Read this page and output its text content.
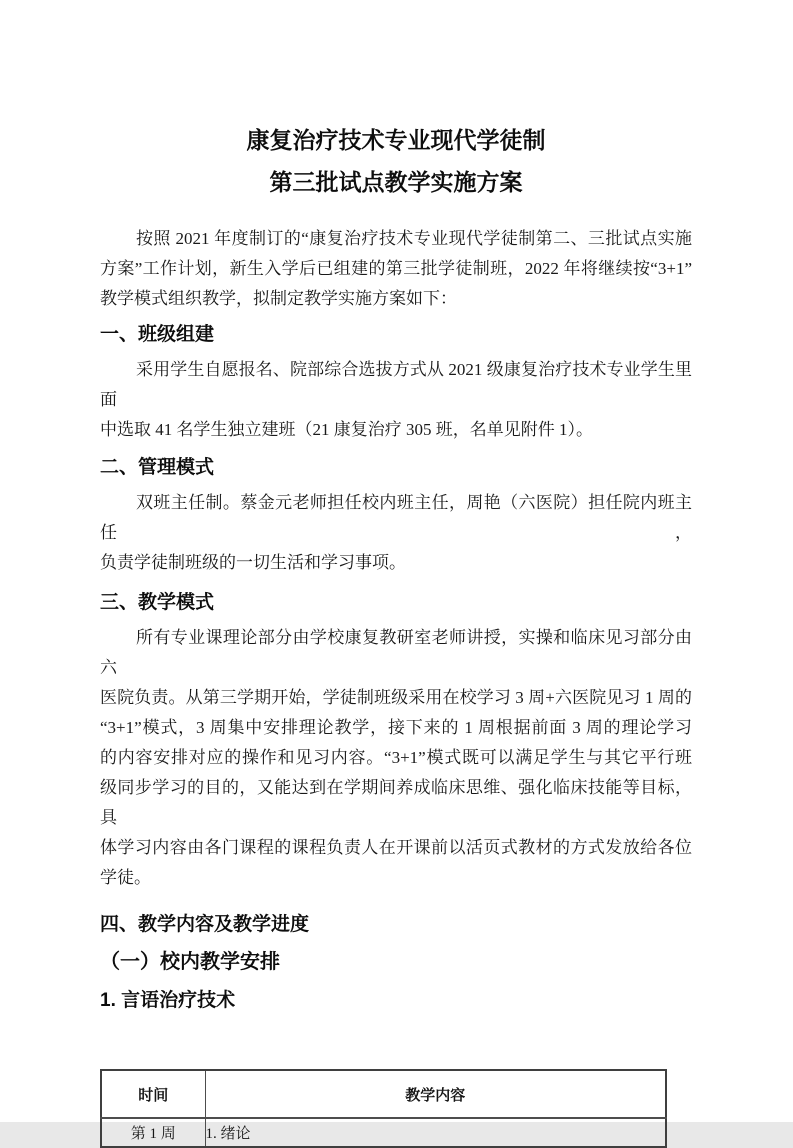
康复治疗技术专业现代学徒制
第三批试点教学实施方案
按照 2021 年度制订的“康复治疗技术专业现代学徒制第二、三批试点实施
方案”工作计划，新生入学后已组建的第三批学徒制班，2022 年将继续按“3+1”
教学模式组织教学，拟制定教学实施方案如下：
一、班级组建
采用学生自愿报名、院部综合选拔方式从 2021 级康复治疗技术专业学生里面
中选取 41 名学生独立建班（21 康复治疗 305 班，名单见附件 1）。
二、管理模式
双班主任制。蔡金元老师担任校内班主任，周艳（六医院）担任院内班主任，
负责学徒制班级的一切生活和学习事项。
三、教学模式
所有专业课理论部分由学校康复教研室老师讲授，实操和临床见习部分由六
医院负责。从第三学期开始，学徒制班级采用在校学习 3 周+六医院见习 1 周的
“3+1”模式，3 周集中安排理论教学，接下来的 1 周根据前面 3 周的理论学习
的内容安排对应的操作和见习内容。“3+1”模式既可以满足学生与其它平行班
级同步学习的目的，又能达到在学期间养成临床思维、强化临床技能等目标，具
体学习内容由各门课程的课程负责人在开课前以活页式教材的方式发放给各位
学徒。
四、教学内容及教学进度
（一）校内教学安排
1. 言语治疗技术
时间	教学内容
第 1 周	1. 绪论
